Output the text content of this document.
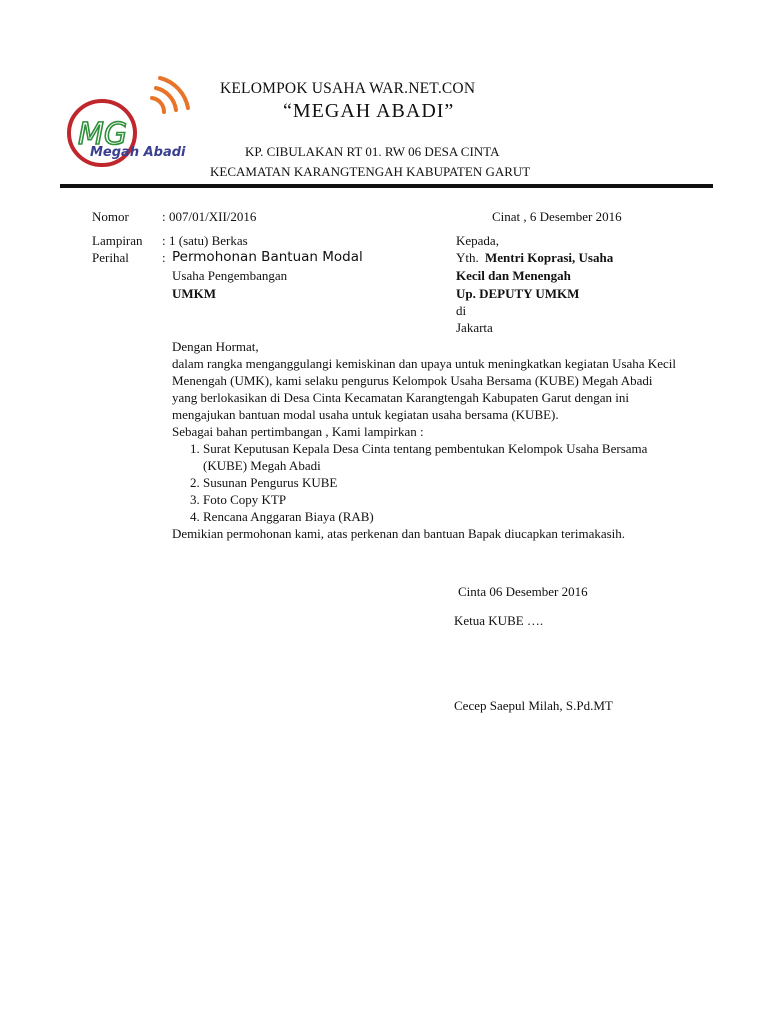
MG
Megah Abadi
KELOMPOK USAHA WAR.NET.CON
“MEGAH ABADI”
KP. CIBULAKAN RT 01. RW 06 DESA CINTA
KECAMATAN KARANGTENGAH KABUPATEN GARUT
Nomor	: 007/01/XII/2016	Cinat , 6 Desember 2016
Lampiran : 1 (satu) Berkas
Perihal	: Permohonan Bantuan Modal
Usaha Pengembangan
UMKM
Kepada,
Yth. Mentri Koprasi, Usaha
Kecil dan Menengah
Up. DEPUTY UMKM
di
Jakarta

Dengan Hormat,

dalam rangka menganggulangi kemiskinan dan upaya untuk meningkatkan kegiatan Usaha Kecil Menengah (UMK), kami selaku pengurus Kelompok Usaha Bersama (KUBE) Megah Abadi yang berlokasikan di Desa Cinta Kecamatan Karangtengah Kabupaten Garut dengan ini mengajukan bantuan modal usaha untuk kegiatan usaha bersama (KUBE).

Sebagai bahan pertimbangan , Kami lampirkan :

1. Surat Keputusan Kepala Desa Cinta tentang pembentukan Kelompok Usaha Bersama (KUBE) Megah Abadi
2. Susunan Pengurus KUBE
3. Foto Copy KTP
4. Rencana Anggaran Biaya (RAB)

Demikian permohonan kami, atas perkenan dan bantuan Bapak diucapkan terimakasih.

Cinta 06 Desember 2016
Ketua KUBE ….
Cecep Saepul Milah, S.Pd.MT
